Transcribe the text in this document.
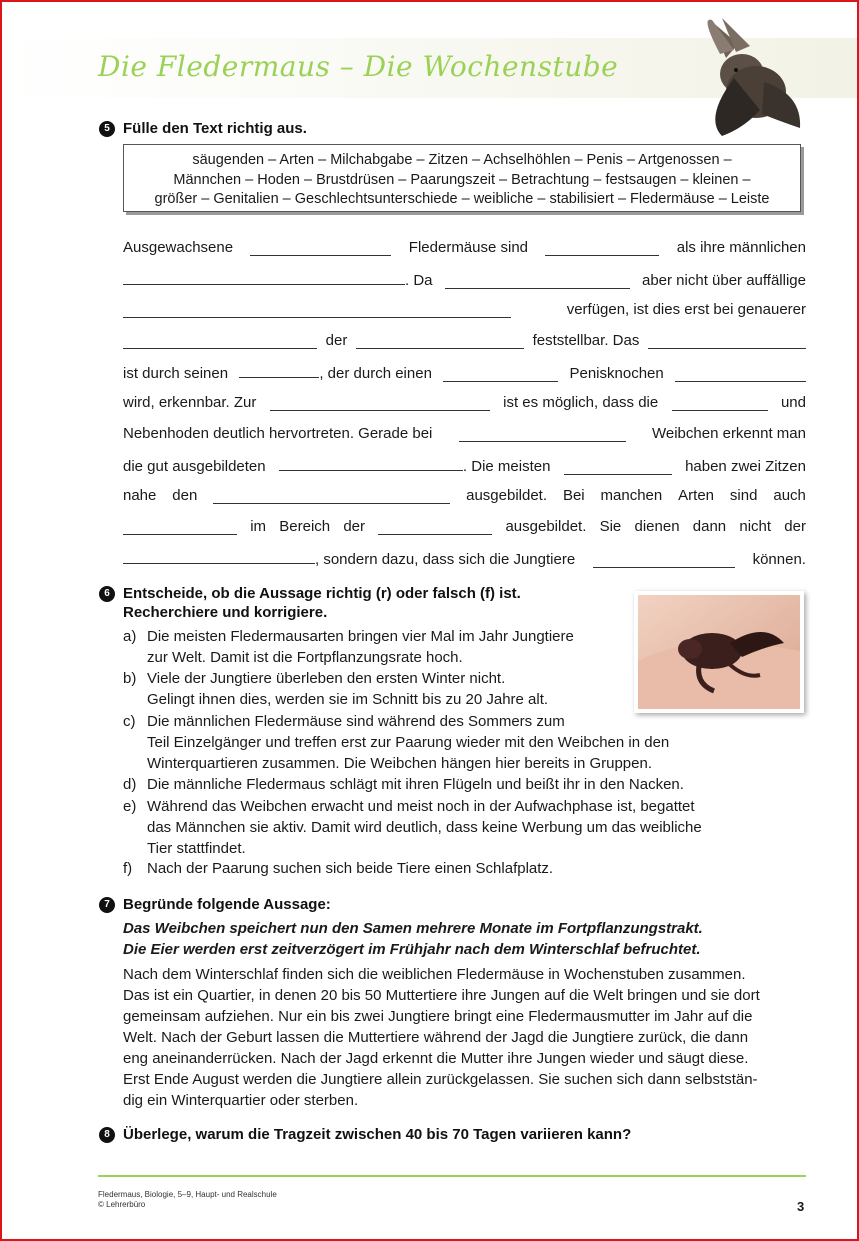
Die Fledermaus – Die Wochenstube
5 Fülle den Text richtig aus.
säugenden – Arten – Milchabgabe – Zitzen – Achselhöhlen – Penis – Artgenossen –
Männchen – Hoden – Brustdrüsen – Paarungszeit – Betrachtung – festsaugen – kleinen –
größer – Genitalien – Geschlechtsunterschiede – weibliche – stabilisiert – Fledermäuse – Leiste
Ausgewachsene	Fledermäuse sind	als ihre männlichen
. Da	aber nicht über auffällige
verfügen, ist dies erst bei genauerer
der	feststellbar. Das
ist durch seinen	, der durch einen	Penisknochen
wird, erkennbar. Zur	ist es möglich, dass die	und
Nebenhoden deutlich hervortreten. Gerade bei	Weibchen erkennt man
die gut ausgebildeten	. Die meisten	haben zwei Zitzen
nahe den	ausgebildet. Bei manchen Arten sind auch
im Bereich der	ausgebildet. Sie dienen dann nicht der
, sondern dazu, dass sich die Jungtiere	können.
6 Entscheide, ob die Aussage richtig (r) oder falsch (f) ist.
Recherchiere und korrigiere.
a) Die meisten Fledermausarten bringen vier Mal im Jahr Jungtiere
zur Welt. Damit ist die Fortpflanzungsrate hoch.
b) Viele der Jungtiere überleben den ersten Winter nicht.
Gelingt ihnen dies, werden sie im Schnitt bis zu 20 Jahre alt.
c) Die männlichen Fledermäuse sind während des Sommers zum
Teil Einzelgänger und treffen erst zur Paarung wieder mit den Weibchen in den
Winterquartieren zusammen. Die Weibchen hängen hier bereits in Gruppen.
d) Die männliche Fledermaus schlägt mit ihren Flügeln und beißt ihr in den Nacken.
e) Während das Weibchen erwacht und meist noch in der Aufwachphase ist, begattet
das Männchen sie aktiv. Damit wird deutlich, dass keine Werbung um das weibliche
Tier stattfindet.
f) Nach der Paarung suchen sich beide Tiere einen Schlafplatz.
7 Begründe folgende Aussage:
Das Weibchen speichert nun den Samen mehrere Monate im Fortpflanzungstrakt.
Die Eier werden erst zeitverzögert im Frühjahr nach dem Winterschlaf befruchtet.
Nach dem Winterschlaf finden sich die weiblichen Fledermäuse in Wochenstuben zusammen.
Das ist ein Quartier, in denen 20 bis 50 Muttertiere ihre Jungen auf die Welt bringen und sie dort
gemeinsam aufziehen. Nur ein bis zwei Jungtiere bringt eine Fledermausmutter im Jahr auf die
Welt. Nach der Geburt lassen die Muttertiere während der Jagd die Jungtiere zurück, die dann
eng aneinanderrücken. Nach der Jagd erkennt die Mutter ihre Jungen wieder und säugt diese.
Erst Ende August werden die Jungtiere allein zurückgelassen. Sie suchen sich dann selbststän-
dig ein Winterquartier oder sterben.
8 Überlege, warum die Tragzeit zwischen 40 bis 70 Tagen variieren kann?
Fledermaus, Biologie, 5–9, Haupt- und Realschule
© Lehrerbüro	3
